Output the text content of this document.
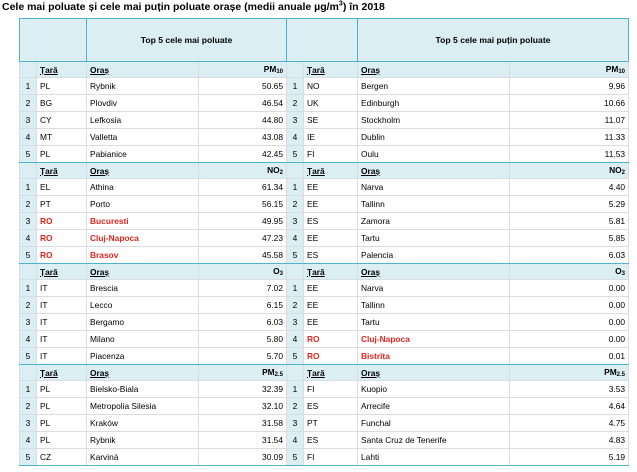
Cele mai poluate și cele mai puțin poluate orașe (medii anuale $\mu g/m^3$) în 2018
		Top 5 cele mai poluate				Top 5 cele mai puțin poluate	
	Țară	Oraș	$PM_{10}$		Țară	Oraș	$PM_{10}$
1	PL	Rybnik	50.65	1	NO	Bergen	9.96
2	BG	Plovdiv	46.54	2	UK	Edinburgh	10.66
3	CY	Lefkosia	44.80	3	SE	Stockholm	11.07
4	MT	Valletta	43.08	4	IE	Dublin	11.33
5	PL	Pabianice	42.45	5	FI	Oulu	11.53
	Țară	Oraș	$NO_2$		Țară	Oraș	$NO_2$
1	EL	Athina	61.34	1	EE	Narva	4.40
2	PT	Porto	56.15	2	EE	Tallinn	5.29
3	RO	Bucuresti	49.95	3	ES	Zamora	5.81
4	RO	Cluj-Napoca	47.23	4	EE	Tartu	5.85
5	RO	Brasov	45.58	5	ES	Palencia	6.03
	Țară	Oraș	$O_3$		Țară	Oraș	$O_3$
1	IT	Brescia	7.02	1	EE	Narva	0.00
2	IT	Lecco	6.15	2	EE	Tallinn	0.00
3	IT	Bergamo	6.03	3	EE	Tartu	0.00
4	IT	Milano	5.80	4	RO	Cluj-Napoca	0.00
5	IT	Piacenza	5.70	5	RO	Bistrita	0.01
	Țară	Oraș	$PM_{2.5}$		Țară	Oraș	$PM_{2.5}$
1	PL	Bielsko-Biala	32.39	1	FI	Kuopio	3.53
2	PL	Metropolia Silesia	32.10	2	ES	Arrecife	4.64
3	PL	Kraków	31.58	3	PT	Funchal	4.75
4	PL	Rybnik	31.54	4	ES	Santa Cruz de Tenerife	4.83
5	CZ	Karviná	30.09	5	FI	Lahti	5.19
